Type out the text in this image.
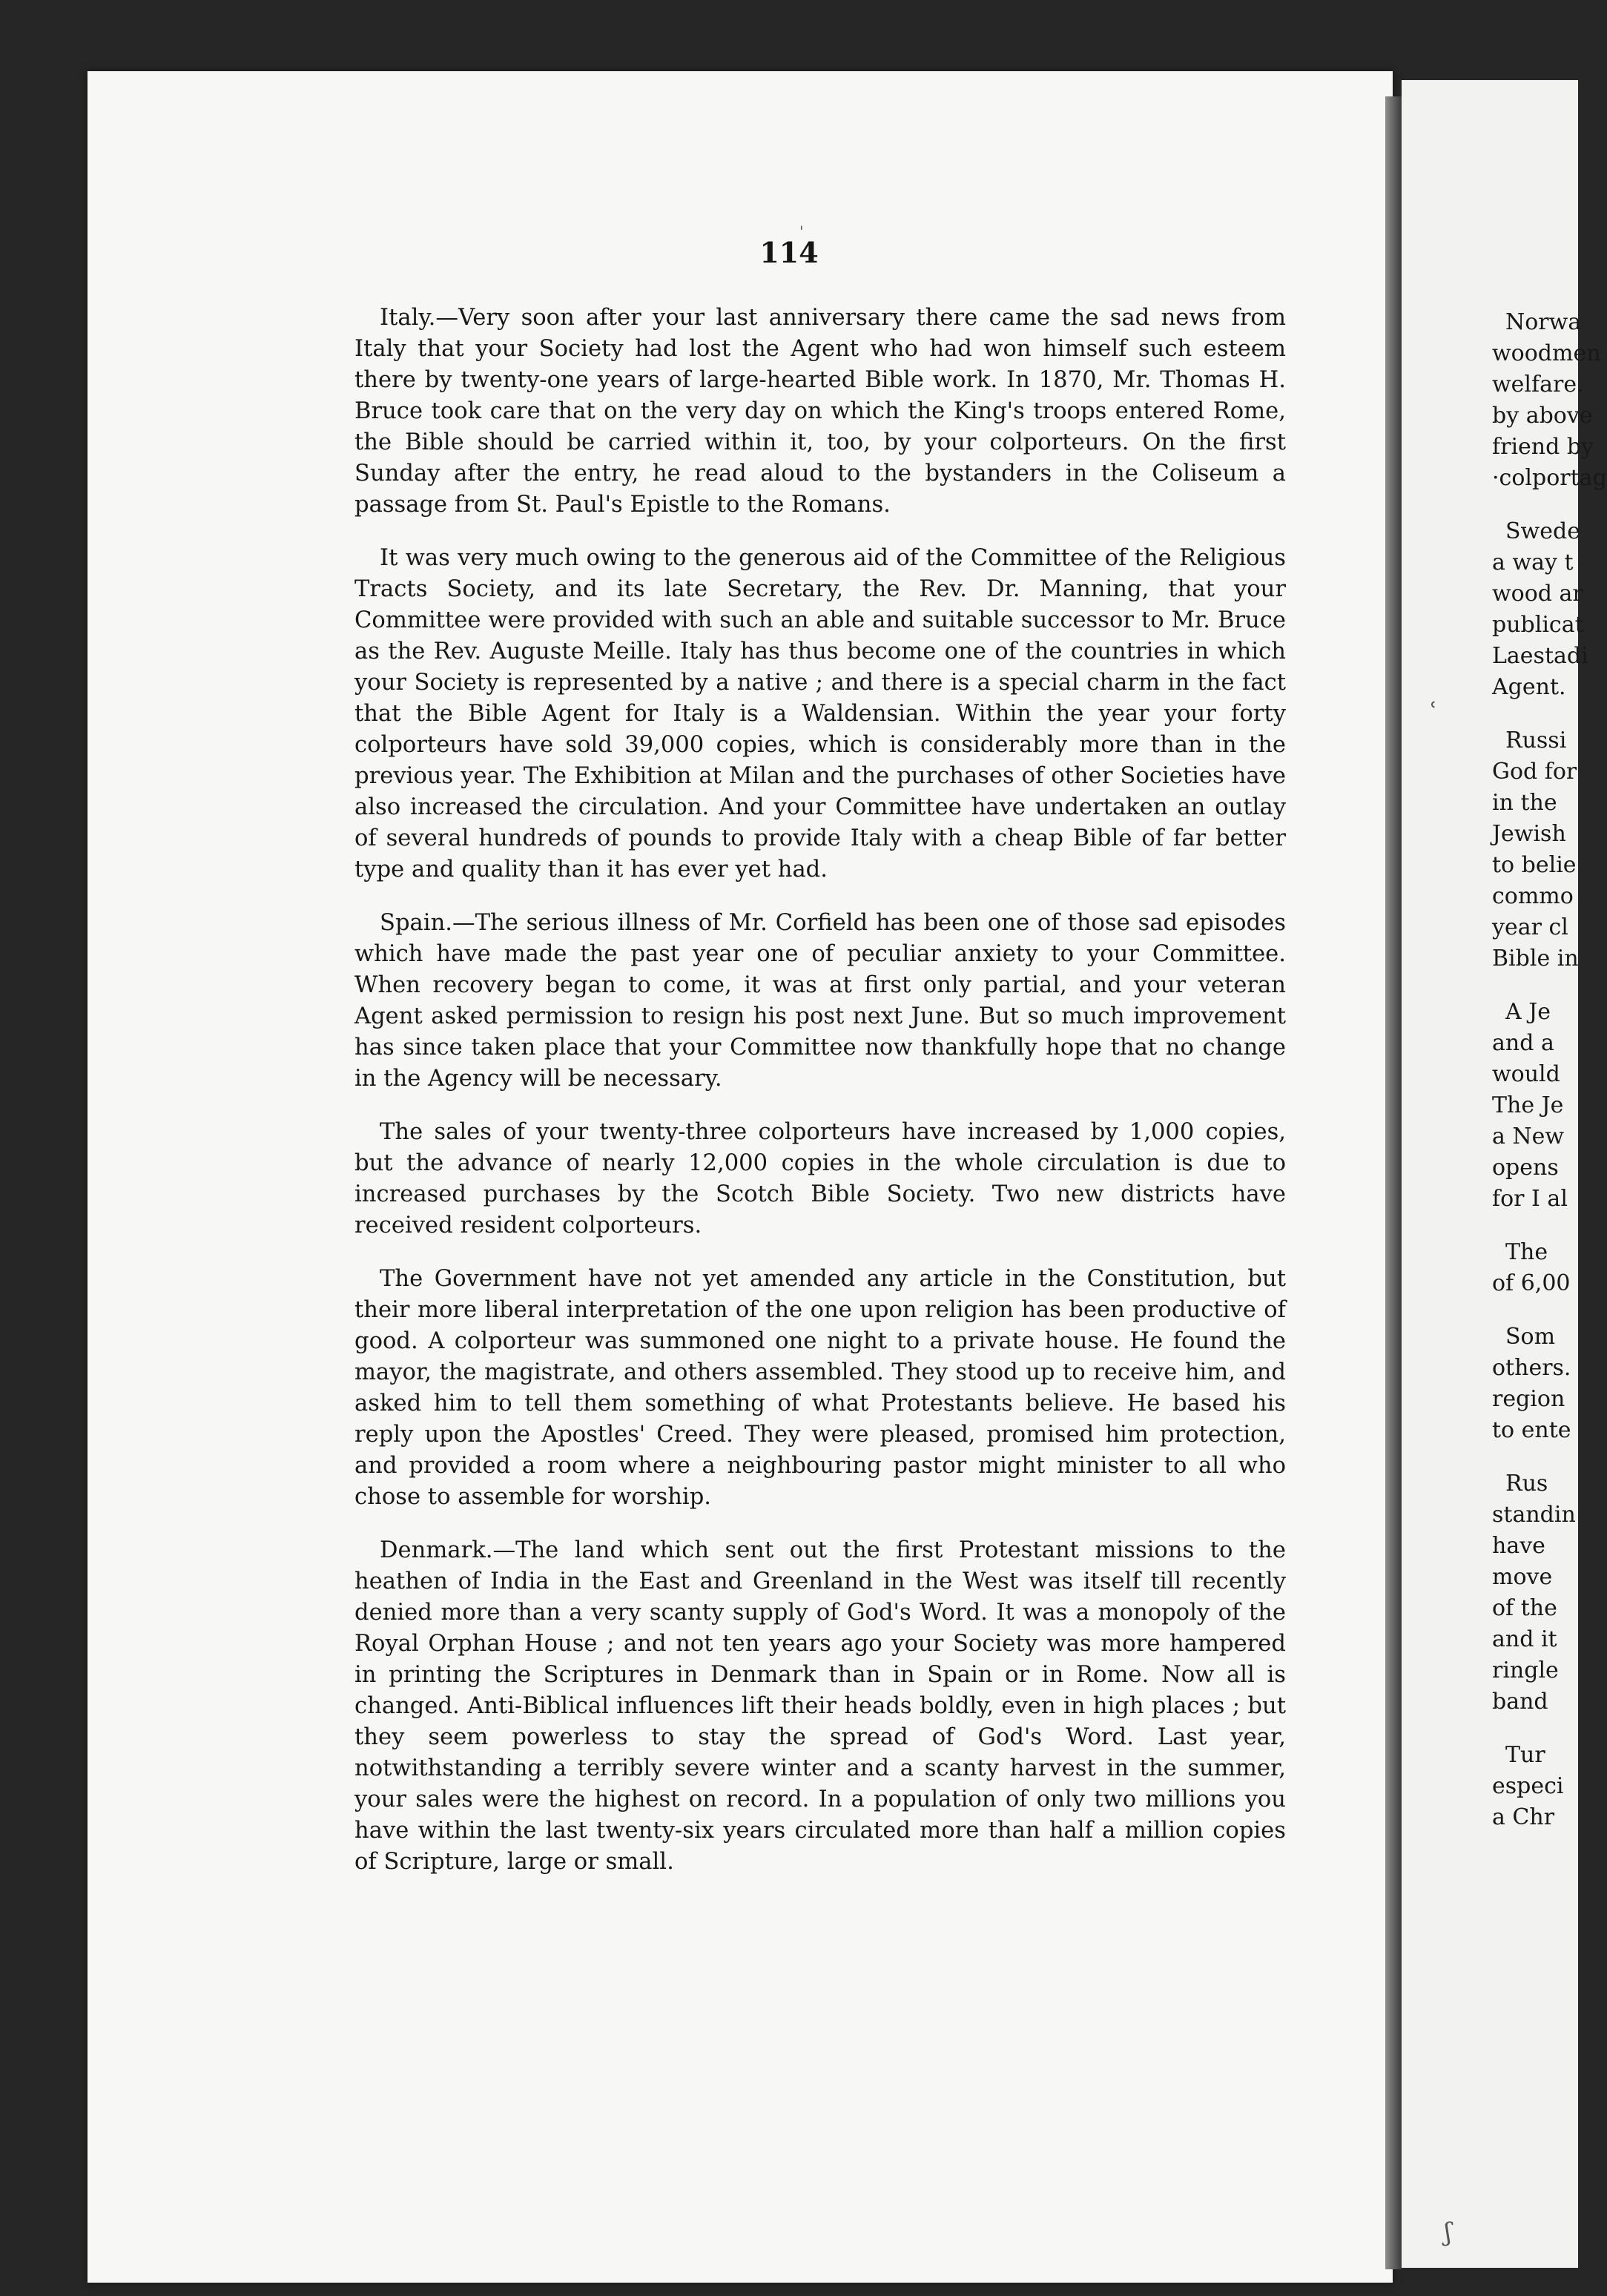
114

Italy.—Very soon after your last anniversary there came the sad news from Italy that your Society had lost the Agent who had won himself such esteem there by twenty-one years of large-hearted Bible work. In 1870, Mr. Thomas H. Bruce took care that on the very day on which the King's troops entered Rome, the Bible should be carried within it, too, by your colporteurs. On the first Sunday after the entry, he read aloud to the bystanders in the Coliseum a passage from St. Paul's Epistle to the Romans.

It was very much owing to the generous aid of the Committee of the Religious Tracts Society, and its late Secretary, the Rev. Dr. Manning, that your Committee were provided with such an able and suitable successor to Mr. Bruce as the Rev. Auguste Meille. Italy has thus become one of the countries in which your Society is represented by a native ; and there is a special charm in the fact that the Bible Agent for Italy is a Waldensian. Within the year your forty colporteurs have sold 39,000 copies, which is considerably more than in the previous year. The Exhibition at Milan and the purchases of other Societies have also increased the circulation. And your Committee have undertaken an outlay of several hundreds of pounds to provide Italy with a cheap Bible of far better type and quality than it has ever yet had.

Spain.—The serious illness of Mr. Corfield has been one of those sad episodes which have made the past year one of peculiar anxiety to your Committee. When recovery began to come, it was at first only partial, and your veteran Agent asked permission to resign his post next June. But so much improvement has since taken place that your Committee now thankfully hope that no change in the Agency will be necessary.

The sales of your twenty-three colporteurs have increased by 1,000 copies, but the advance of nearly 12,000 copies in the whole circulation is due to increased purchases by the Scotch Bible Society. Two new districts have received resident colporteurs.

The Government have not yet amended any article in the Constitution, but their more liberal interpretation of the one upon religion has been productive of good. A colporteur was summoned one night to a private house. He found the mayor, the magistrate, and others assembled. They stood up to receive him, and asked him to tell them something of what Protestants believe. He based his reply upon the Apostles' Creed. They were pleased, promised him protection, and provided a room where a neighbouring pastor might minister to all who chose to assemble for worship.

Denmark.—The land which sent out the first Protestant missions to the heathen of India in the East and Greenland in the West was itself till recently denied more than a very scanty supply of God's Word. It was a monopoly of the Royal Orphan House ; and not ten years ago your Society was more hampered in printing the Scriptures in Denmark than in Spain or in Rome. Now all is changed. Anti-Biblical influences lift their heads boldly, even in high places ; but they seem powerless to stay the spread of God's Word. Last year, notwithstanding a terribly severe winter and a scanty harvest in the summer, your sales were the highest on record. In a population of only two millions you have within the last twenty-six years circulated more than half a million copies of Scripture, large or small.

Norwa
woodmen
welfare.
by above
friend by
·colportag
Swede
a way t
wood ar
publicat
Laestadi
Agent.
Russi
God for
in the
Jewish
to belie
commo
year cl
Bible in
A Je
and a
would
The Je
a New
opens
for I al
The
of 6,00
Som
others.
region
to ente
Rus
standin
have
move
of the
and it
ringle
band
Tur
especi
a Chr
'
ʿ
ʃ
